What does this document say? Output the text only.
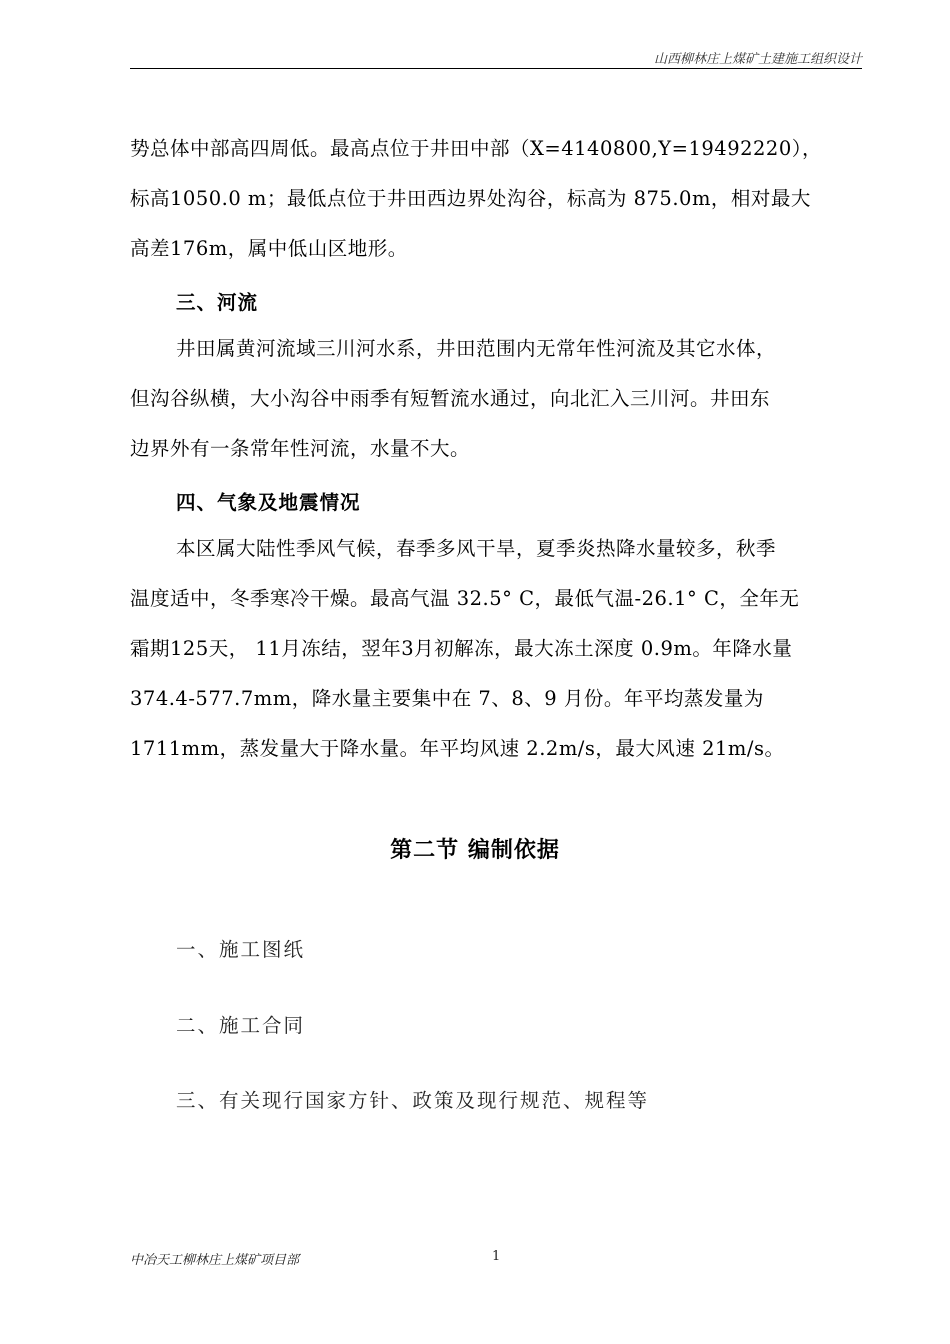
山西柳林庄上煤矿土建施工组织设计
势总体中部高四周低。最高点位于井田中部（X=4140800,Y=19492220），
标高1050.0 m；最低点位于井田西边界处沟谷，标高为 875.0m，相对最大
高差176m，属中低山区地形。
三、河流
井田属黄河流域三川河水系，井田范围内无常年性河流及其它水体，
但沟谷纵横，大小沟谷中雨季有短暂流水通过，向北汇入三川河。井田东
边界外有一条常年性河流，水量不大。
四、气象及地震情况
本区属大陆性季风气候，春季多风干旱，夏季炎热降水量较多，秋季
温度适中，冬季寒冷干燥。最高气温 32.5° C，最低气温-26.1° C，全年无
霜期125天， 11月冻结，翌年3月初解冻，最大冻土深度 0.9m。年降水量
374.4-577.7mm，降水量主要集中在 7、8、9 月份。年平均蒸发量为
1711mm，蒸发量大于降水量。年平均风速 2.2m/s，最大风速 21m/s。
第二节 编制依据
一、施工图纸
二、施工合同
三、有关现行国家方针、政策及现行规范、规程等
中冶天工柳林庄上煤矿项目部	1
